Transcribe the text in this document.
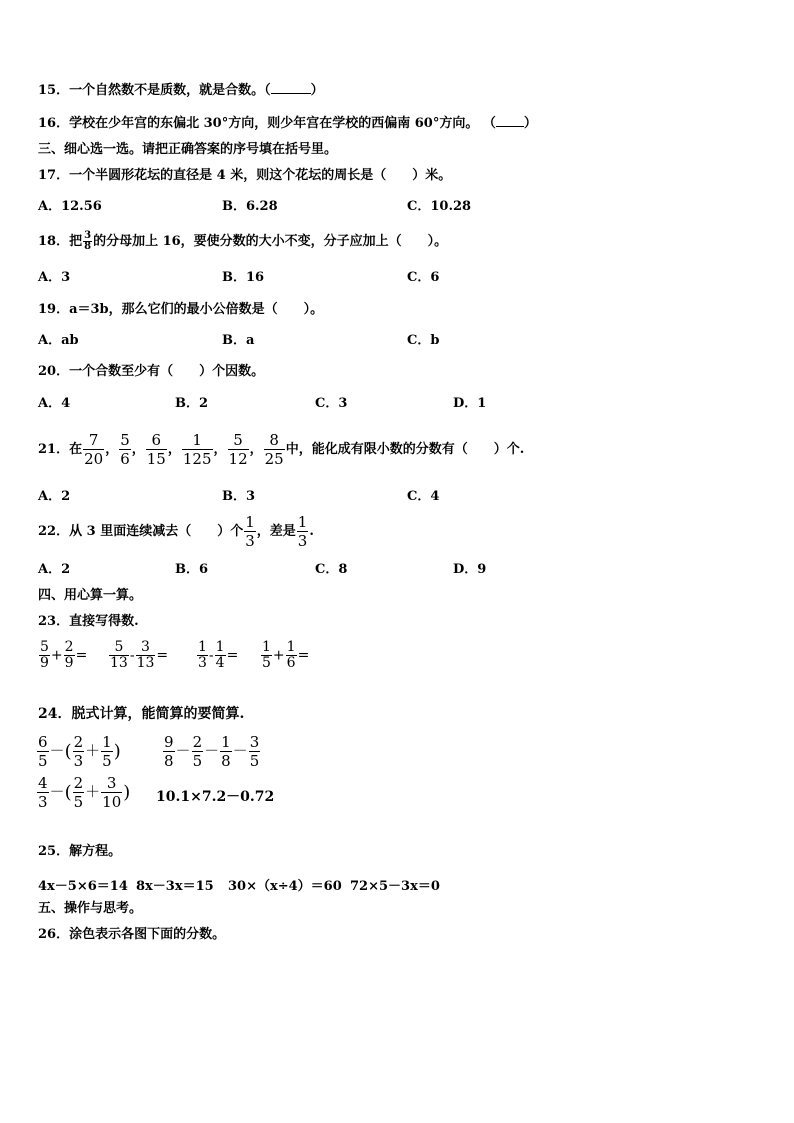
15．一个自然数不是质数，就是合数。（	）
16．学校在少年宫的东偏北 30°方向，则少年宫在学校的西偏南 60°方向。 （ ）
三、细心选一选。请把正确答案的序号填在括号里。
17．一个半圆形花坛的直径是 4 米，则这个花坛的周长是（　　）米。
A．12.56	B．6.28	C．10.28
18．把 $\frac{3}{8}$ 的分母加上 16，要使分数的大小不变，分子应加上（　　）。
A．3	B．16	C．6
19．a＝3b，那么它们的最小公倍数是（　　）。
A．ab	B．a	C．b
20．一个合数至少有（　　）个因数。
A．4	B．2	C．3	D．1
21．在 $\frac{7}{20}$ ， $\frac{5}{6}$ ， $\frac{6}{15}$ ， $\frac{1}{125}$ ， $\frac{5}{12}$ ， $\frac{8}{25}$ 中，能化成有限小数的分数有（　　）个.
A．2	B．3	C．4
22．从 3 里面连续减去（　　）个 $\frac{1}{3}$ ，差是 $\frac{1}{3}$ .
A．2	B．6	C．8	D．9
四、用心算一算。
23．直接写得数.
$\frac{5}{9} + \frac{2}{9} = \frac{5}{13} - \frac{3}{13} = \frac{1}{3} - \frac{1}{4} = \frac{1}{5} + \frac{1}{6}$ =
24．脱式计算，能简算的要简算.
$\frac{6}{5}$ －( $\frac{2}{3} + \frac{1}{5}$ )	$\frac{9}{8} - \frac{2}{5} - \frac{1}{8} - \frac{3}{5}$
$\frac{4}{3}$ －( $\frac{2}{5} + \frac{3}{10}$ ) 10.1×7.2－0.72
25．解方程。
4x－5×6＝14 8x－3x＝15 30×（x÷4）＝60 72×5－3x＝0
五、操作与思考。
26．涂色表示各图下面的分数。
